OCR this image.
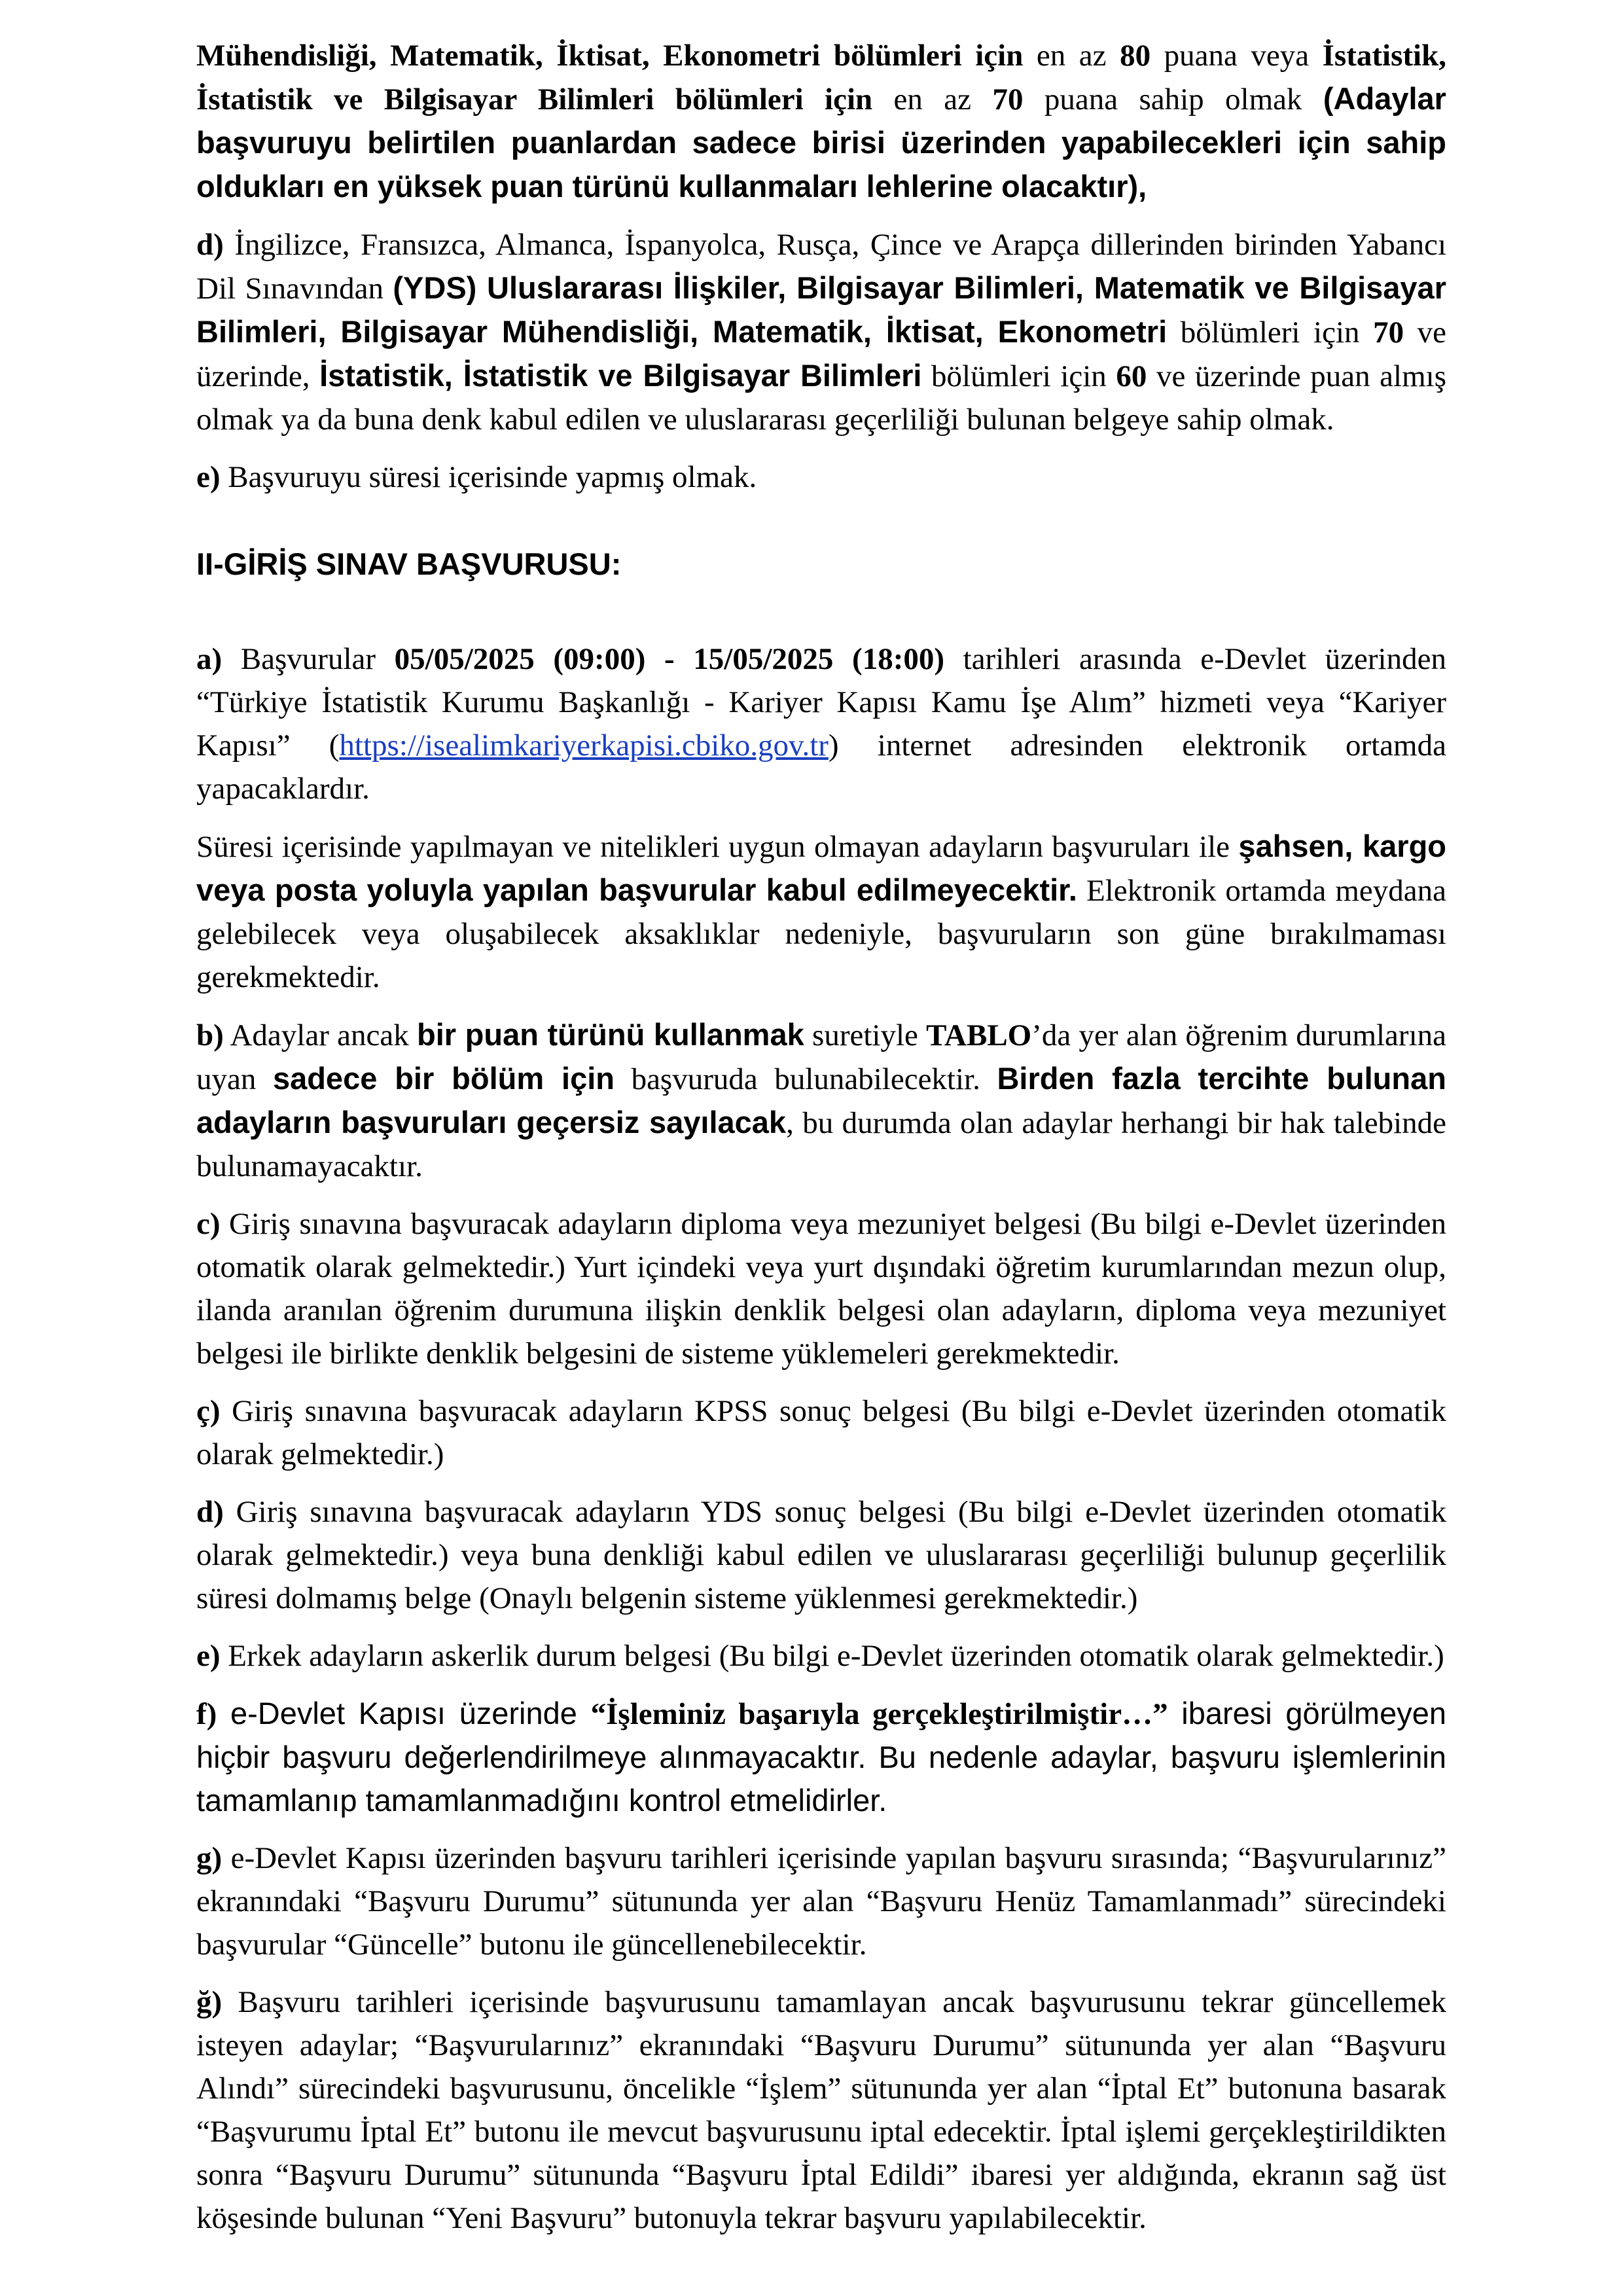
Mühendisliği, Matematik, İktisat, Ekonometri bölümleri için en az 80 puana veya İstatistik, İstatistik ve Bilgisayar Bilimleri bölümleri için en az 70 puana sahip olmak (Adaylar başvuruyu belirtilen puanlardan sadece birisi üzerinden yapabilecekleri için sahip oldukları en yüksek puan türünü kullanmaları lehlerine olacaktır),

d) İngilizce, Fransızca, Almanca, İspanyolca, Rusça, Çince ve Arapça dillerinden birinden Yabancı Dil Sınavından (YDS) Uluslararası İlişkiler, Bilgisayar Bilimleri, Matematik ve Bilgisayar Bilimleri, Bilgisayar Mühendisliği, Matematik, İktisat, Ekonometri bölümleri için 70 ve üzerinde, İstatistik, İstatistik ve Bilgisayar Bilimleri bölümleri için 60 ve üzerinde puan almış olmak ya da buna denk kabul edilen ve uluslararası geçerliliği bulunan belgeye sahip olmak.

e) Başvuruyu süresi içerisinde yapmış olmak.

II-GİRİŞ SINAV BAŞVURUSU:

a) Başvurular 05/05/2025 (09:00) - 15/05/2025 (18:00) tarihleri arasında e-Devlet üzerinden “Türkiye İstatistik Kurumu Başkanlığı - Kariyer Kapısı Kamu İşe Alım” hizmeti veya “Kariyer Kapısı” (https://isealimkariyerkapisi.cbiko.gov.tr) internet adresinden elektronik ortamda yapacaklardır.

Süresi içerisinde yapılmayan ve nitelikleri uygun olmayan adayların başvuruları ile şahsen, kargo veya posta yoluyla yapılan başvurular kabul edilmeyecektir. Elektronik ortamda meydana gelebilecek veya oluşabilecek aksaklıklar nedeniyle, başvuruların son güne bırakılmaması gerekmektedir.

b) Adaylar ancak bir puan türünü kullanmak suretiyle TABLO’da yer alan öğrenim durumlarına uyan sadece bir bölüm için başvuruda bulunabilecektir. Birden fazla tercihte bulunan adayların başvuruları geçersiz sayılacak, bu durumda olan adaylar herhangi bir hak talebinde bulunamayacaktır.

c) Giriş sınavına başvuracak adayların diploma veya mezuniyet belgesi (Bu bilgi e-Devlet üzerinden otomatik olarak gelmektedir.) Yurt içindeki veya yurt dışındaki öğretim kurumlarından mezun olup, ilanda aranılan öğrenim durumuna ilişkin denklik belgesi olan adayların, diploma veya mezuniyet belgesi ile birlikte denklik belgesini de sisteme yüklemeleri gerekmektedir.

ç) Giriş sınavına başvuracak adayların KPSS sonuç belgesi (Bu bilgi e-Devlet üzerinden otomatik olarak gelmektedir.)

d) Giriş sınavına başvuracak adayların YDS sonuç belgesi (Bu bilgi e-Devlet üzerinden otomatik olarak gelmektedir.) veya buna denkliği kabul edilen ve uluslararası geçerliliği bulunup geçerlilik süresi dolmamış belge (Onaylı belgenin sisteme yüklenmesi gerekmektedir.)

e) Erkek adayların askerlik durum belgesi (Bu bilgi e-Devlet üzerinden otomatik olarak gelmektedir.)

f) e-Devlet Kapısı üzerinde “İşleminiz başarıyla gerçekleştirilmiştir…” ibaresi görülmeyen hiçbir başvuru değerlendirilmeye alınmayacaktır. Bu nedenle adaylar, başvuru işlemlerinin tamamlanıp tamamlanmadığını kontrol etmelidirler.

g) e-Devlet Kapısı üzerinden başvuru tarihleri içerisinde yapılan başvuru sırasında; “Başvurularınız” ekranındaki “Başvuru Durumu” sütununda yer alan “Başvuru Henüz Tamamlanmadı” sürecindeki başvurular “Güncelle” butonu ile güncellenebilecektir.

ğ) Başvuru tarihleri içerisinde başvurusunu tamamlayan ancak başvurusunu tekrar güncellemek isteyen adaylar; “Başvurularınız” ekranındaki “Başvuru Durumu” sütununda yer alan “Başvuru Alındı” sürecindeki başvurusunu, öncelikle “İşlem” sütununda yer alan “İptal Et” butonuna basarak “Başvurumu İptal Et” butonu ile mevcut başvurusunu iptal edecektir. İptal işlemi gerçekleştirildikten sonra “Başvuru Durumu” sütununda “Başvuru İptal Edildi” ibaresi yer aldığında, ekranın sağ üst köşesinde bulunan “Yeni Başvuru” butonuyla tekrar başvuru yapılabilecektir.
